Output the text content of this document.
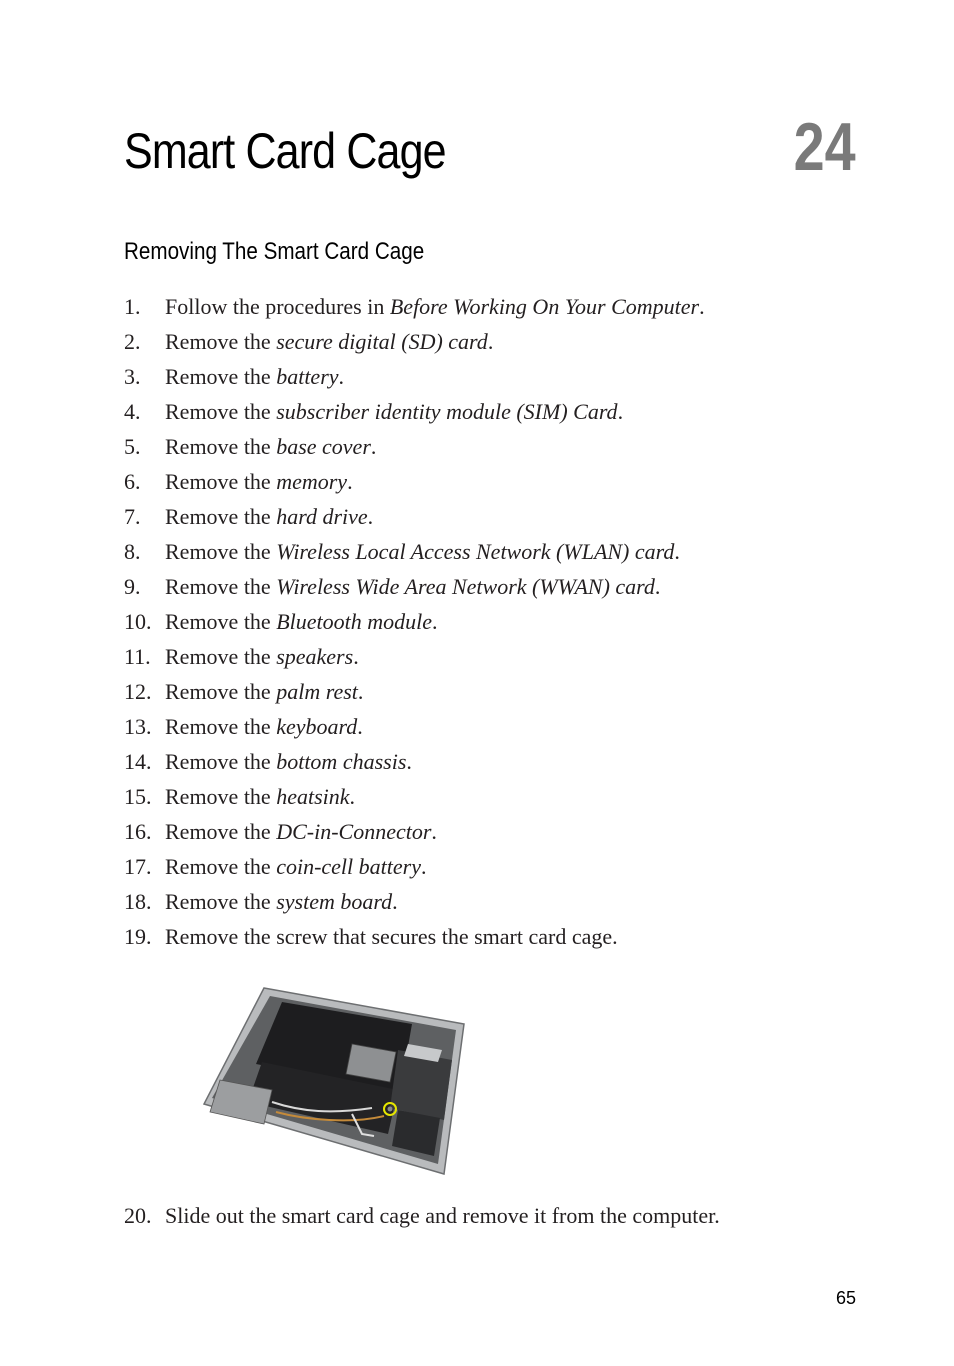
Smart Card Cage	24
Removing The Smart Card Cage
1.	Follow the procedures in Before Working On Your Computer.
2.	Remove the secure digital (SD) card.
3.	Remove the battery.
4.	Remove the subscriber identity module (SIM) Card.
5.	Remove the base cover.
6.	Remove the memory.
7.	Remove the hard drive.
8.	Remove the Wireless Local Access Network (WLAN) card.
9.	Remove the Wireless Wide Area Network (WWAN) card.
10. Remove the Bluetooth module.
11. Remove the speakers.
12. Remove the palm rest.
13. Remove the keyboard.
14. Remove the bottom chassis.
15. Remove the heatsink.
16. Remove the DC-in-Connector.
17. Remove the coin-cell battery.
18. Remove the system board.
19. Remove the screw that secures the smart card cage.
20. Slide out the smart card cage and remove it from the computer.
65
